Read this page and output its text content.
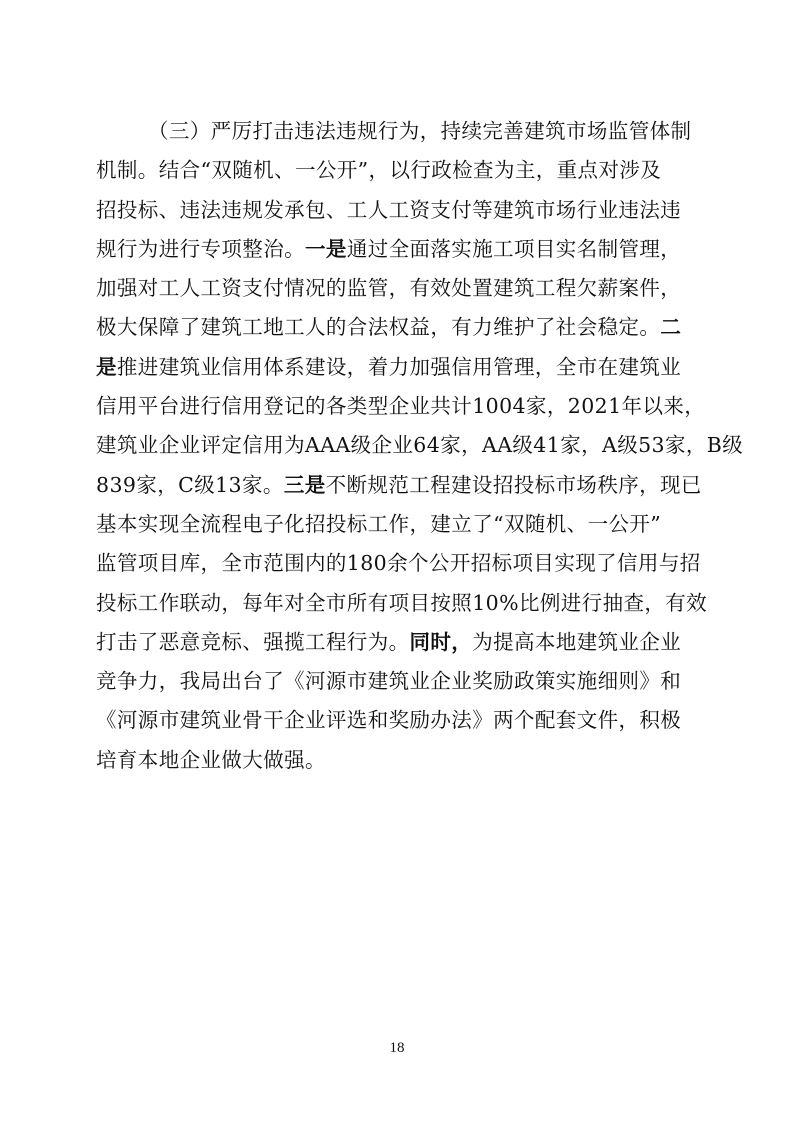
（三）严厉打击违法违规行为，持续完善建筑市场监管体制
机制。结合“双随机、一公开”，以行政检查为主，重点对涉及
招投标、违法违规发承包、工人工资支付等建筑市场行业违法违
规行为进行专项整治。一是通过全面落实施工项目实名制管理，
加强对工人工资支付情况的监管，有效处置建筑工程欠薪案件，
极大保障了建筑工地工人的合法权益，有力维护了社会稳定。二
是推进建筑业信用体系建设，着力加强信用管理，全市在建筑业
信用平台进行信用登记的各类型企业共计1004家，2021年以来，
建筑业企业评定信用为AAA级企业64家，AA级41家，A级53家，B级
839家，C级13家。三是不断规范工程建设招投标市场秩序，现已
基本实现全流程电子化招投标工作，建立了“双随机、一公开”
监管项目库，全市范围内的180余个公开招标项目实现了信用与招
投标工作联动，每年对全市所有项目按照10%比例进行抽查，有效
打击了恶意竞标、强揽工程行为。同时，为提高本地建筑业企业
竞争力，我局出台了《河源市建筑业企业奖励政策实施细则》和
《河源市建筑业骨干企业评选和奖励办法》两个配套文件，积极
培育本地企业做大做强。
18
